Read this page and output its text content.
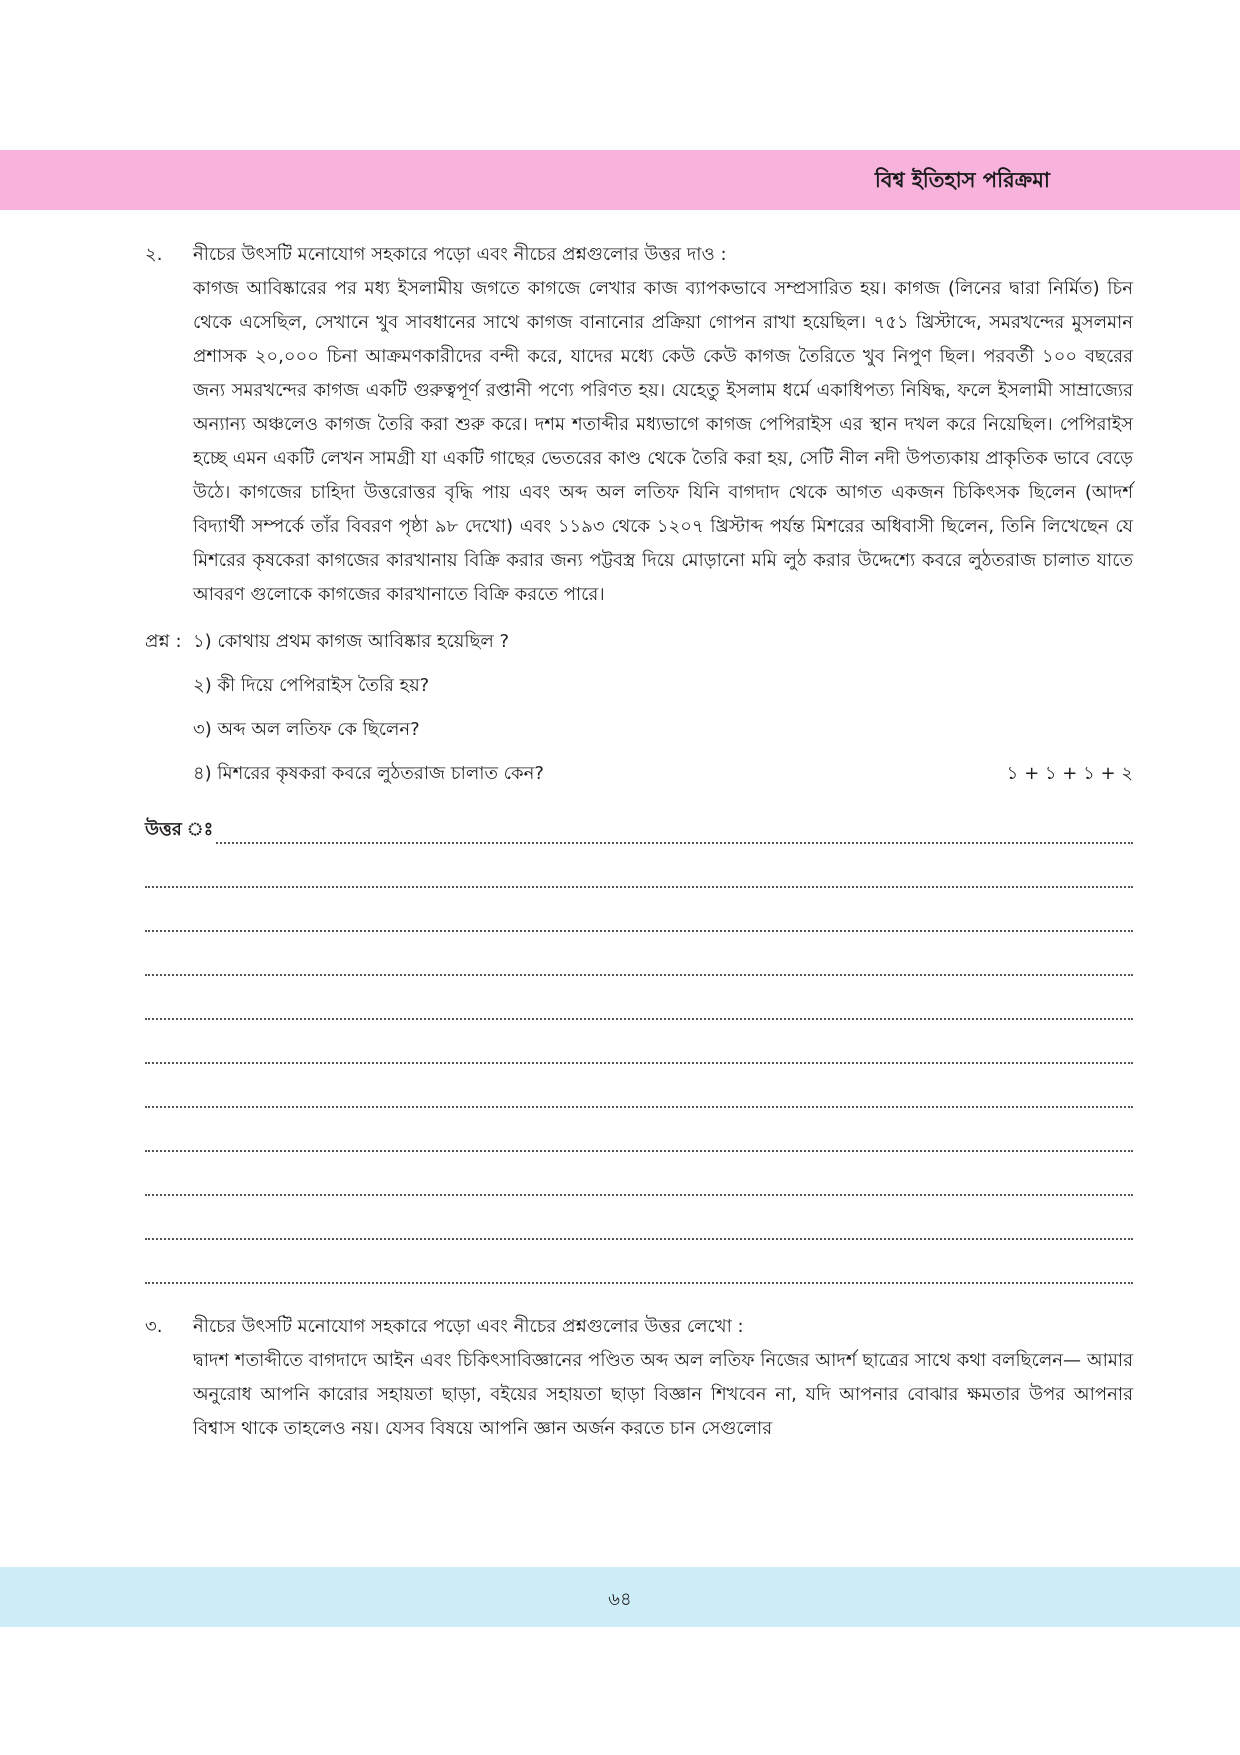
বিশ্ব ইতিহাস পরিক্রমা
২.	নীচের উৎসটি মনোযোগ সহকারে পড়ো এবং নীচের প্রশ্নগুলোর উত্তর দাও :
কাগজ আবিষ্কারের পর মধ্য ইসলামীয় জগতে কাগজে লেখার কাজ ব্যাপকভাবে সম্প্রসারিত হয়। কাগজ (লিনের দ্বারা নির্মিত) চিন থেকে এসেছিল, সেখানে খুব সাবধানের সাথে কাগজ বানানোর প্রক্রিয়া গোপন রাখা হয়েছিল। ৭৫১ খ্রিস্টাব্দে, সমরখন্দের মুসলমান প্রশাসক ২০,০০০ চিনা আক্রমণকারীদের বন্দী করে, যাদের মধ্যে কেউ কেউ কাগজ তৈরিতে খুব নিপুণ ছিল। পরবর্তী ১০০ বছরের জন্য সমরখন্দের কাগজ একটি গুরুত্বপূর্ণ রপ্তানী পণ্যে পরিণত হয়। যেহেতু ইসলাম ধর্মে একাধিপত্য নিষিদ্ধ, ফলে ইসলামী সাম্রাজ্যের অন্যান্য অঞ্চলেও কাগজ তৈরি করা শুরু করে। দশম শতাব্দীর মধ্যভাগে কাগজ পেপিরাইস এর স্থান দখল করে নিয়েছিল। পেপিরাইস হচ্ছে এমন একটি লেখন সামগ্রী যা একটি গাছের ভেতরের কাণ্ড থেকে তৈরি করা হয়, সেটি নীল নদী উপত্যকায় প্রাকৃতিক ভাবে বেড়ে উঠে। কাগজের চাহিদা উত্তরোত্তর বৃদ্ধি পায় এবং অব্দ অল লতিফ যিনি বাগদাদ থেকে আগত একজন চিকিৎসক ছিলেন (আদর্শ বিদ্যার্থী সম্পর্কে তাঁর বিবরণ পৃষ্ঠা ৯৮ দেখো) এবং ১১৯৩ থেকে ১২০৭ খ্রিস্টাব্দ পর্যন্ত মিশরের অধিবাসী ছিলেন, তিনি লিখেছেন যে মিশরের কৃষকেরা কাগজের কারখানায় বিক্রি করার জন্য পট্টবস্ত্র দিয়ে মোড়ানো মমি লুঠ করার উদ্দেশ্যে কবরে লুঠতরাজ চালাত যাতে আবরণ গুলোকে কাগজের কারখানাতে বিক্রি করতে পারে।
প্রশ্ন : ১) কোথায় প্রথম কাগজ আবিষ্কার হয়েছিল ?
২) কী দিয়ে পেপিরাইস তৈরি হয়?
৩) অব্দ অল লতিফ কে ছিলেন?
৪) মিশরের কৃষকরা কবরে লুঠতরাজ চালাত কেন?	১ + ১ + ১ + ২
উত্তর ঃ
৩.	নীচের উৎসটি মনোযোগ সহকারে পড়ো এবং নীচের প্রশ্নগুলোর উত্তর লেখো :
দ্বাদশ শতাব্দীতে বাগদাদে আইন এবং চিকিৎসাবিজ্ঞানের পণ্ডিত অব্দ অল লতিফ নিজের আদর্শ ছাত্রের সাথে কথা বলছিলেন— আমার অনুরোধ আপনি কারোর সহায়তা ছাড়া, বইয়ের সহায়তা ছাড়া বিজ্ঞান শিখবেন না, যদি আপনার বোঝার ক্ষমতার উপর আপনার বিশ্বাস থাকে তাহলেও নয়। যেসব বিষয়ে আপনি জ্ঞান অর্জন করতে চান সেগুলোর
৬৪
